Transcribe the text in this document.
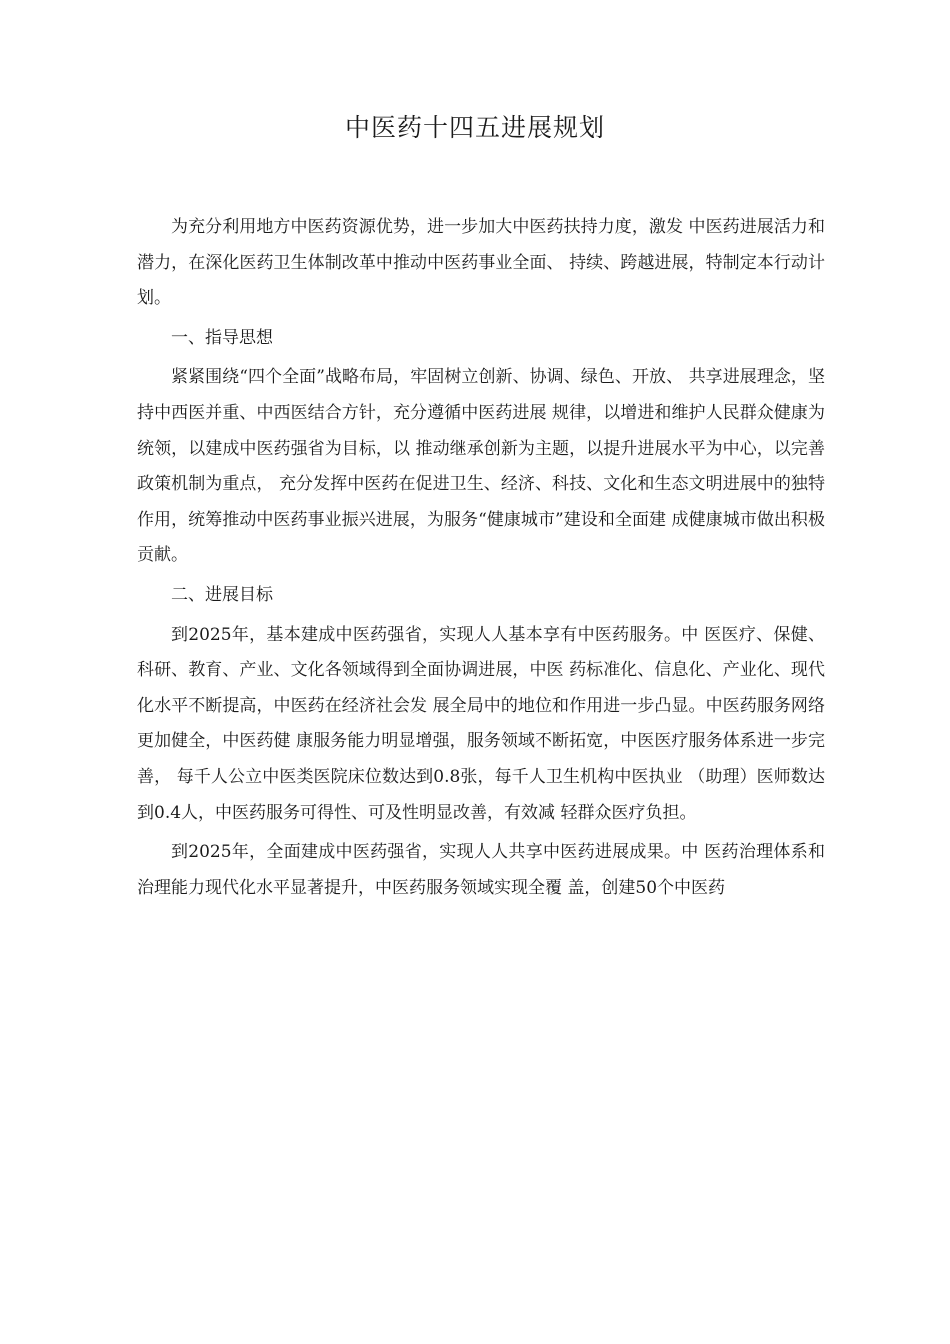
中医药十四五进展规划

为充分利用地方中医药资源优势，进一步加大中医药扶持力度，激发 中医药进展活力和潜力，在深化医药卫生体制改革中推动中医药事业全面、 持续、跨越进展，特制定本行动计划。

一、指导思想

紧紧围绕“四个全面”战略布局，牢固树立创新、协调、绿色、开放、 共享进展理念，坚持中西医并重、中西医结合方针，充分遵循中医药进展 规律，以增进和维护人民群众健康为统领，以建成中医药强省为目标，以 推动继承创新为主题，以提升进展水平为中心，以完善政策机制为重点， 充分发挥中医药在促进卫生、经济、科技、文化和生态文明进展中的独特 作用，统筹推动中医药事业振兴进展，为服务“健康城市”建设和全面建 成健康城市做出积极贡献。

二、进展目标

到2025年，基本建成中医药强省，实现人人基本享有中医药服务。中 医医疗、保健、科研、教育、产业、文化各领域得到全面协调进展，中医 药标准化、信息化、产业化、现代化水平不断提高，中医药在经济社会发 展全局中的地位和作用进一步凸显。中医药服务网络更加健全，中医药健 康服务能力明显增强，服务领域不断拓宽，中医医疗服务体系进一步完善， 每千人公立中医类医院床位数达到0.8张，每千人卫生机构中医执业 （助理）医师数达到0.4人，中医药服务可得性、可及性明显改善，有效减 轻群众医疗负担。

到2025年，全面建成中医药强省，实现人人共享中医药进展成果。中 医药治理体系和治理能力现代化水平显著提升，中医药服务领域实现全覆 盖，创建50个中医药
